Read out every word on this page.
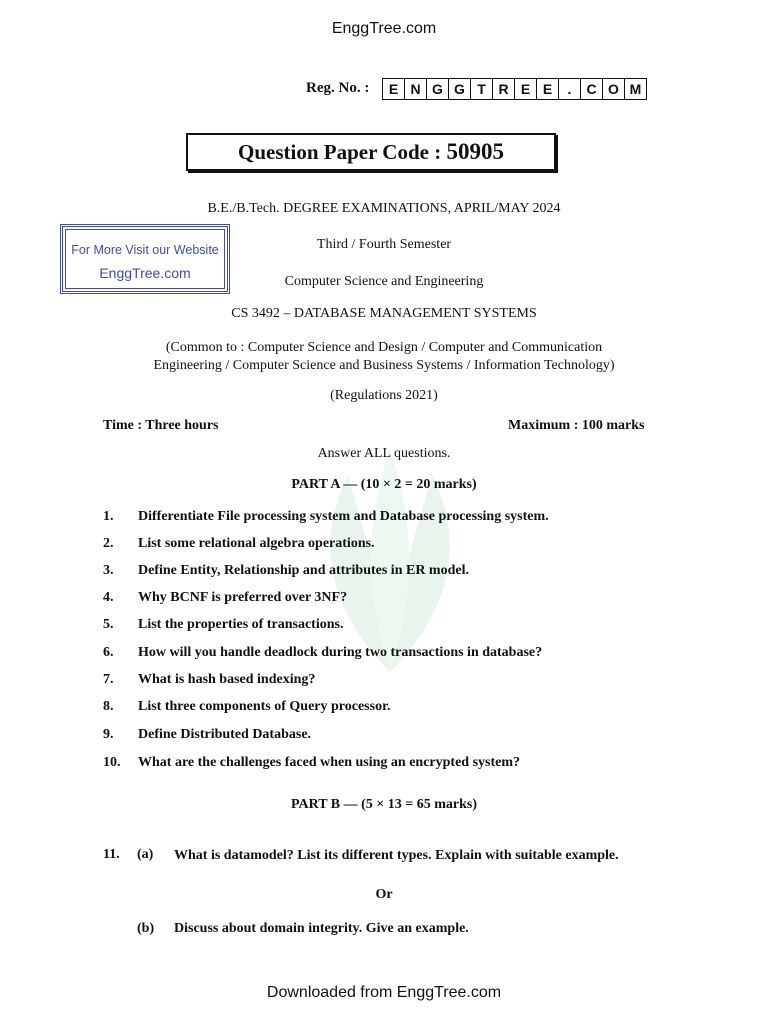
EnggTree.com
Reg. No. :	E N G G T R E E	.	C O M
Question Paper Code : 50905
For More Visit our Website
EnggTree.com
B.E./B.Tech. DEGREE EXAMINATIONS, APRIL/MAY 2024
Third / Fourth Semester
Computer Science and Engineering
CS 3492 – DATABASE MANAGEMENT SYSTEMS
(Common to : Computer Science and Design / Computer and Communication
Engineering / Computer Science and Business Systems / Information Technology)
(Regulations 2021)
Time : Three hours	Maximum : 100 marks
Answer ALL questions.
PART A — (10 × 2 = 20 marks)
1. Differentiate File processing system and Database processing system.
2. List some relational algebra operations.
3. Define Entity, Relationship and attributes in ER model.
4. Why BCNF is preferred over 3NF?
5. List the properties of transactions.
6. How will you handle deadlock during two transactions in database?
7. What is hash based indexing?
8. List three components of Query processor.
9. Define Distributed Database.
10. What are the challenges faced when using an encrypted system?
PART B — (5 × 13 = 65 marks)
11. (a) What is datamodel? List its different types. Explain with suitable example.
Or
(b) Discuss about domain integrity. Give an example.
Downloaded from EnggTree.com
